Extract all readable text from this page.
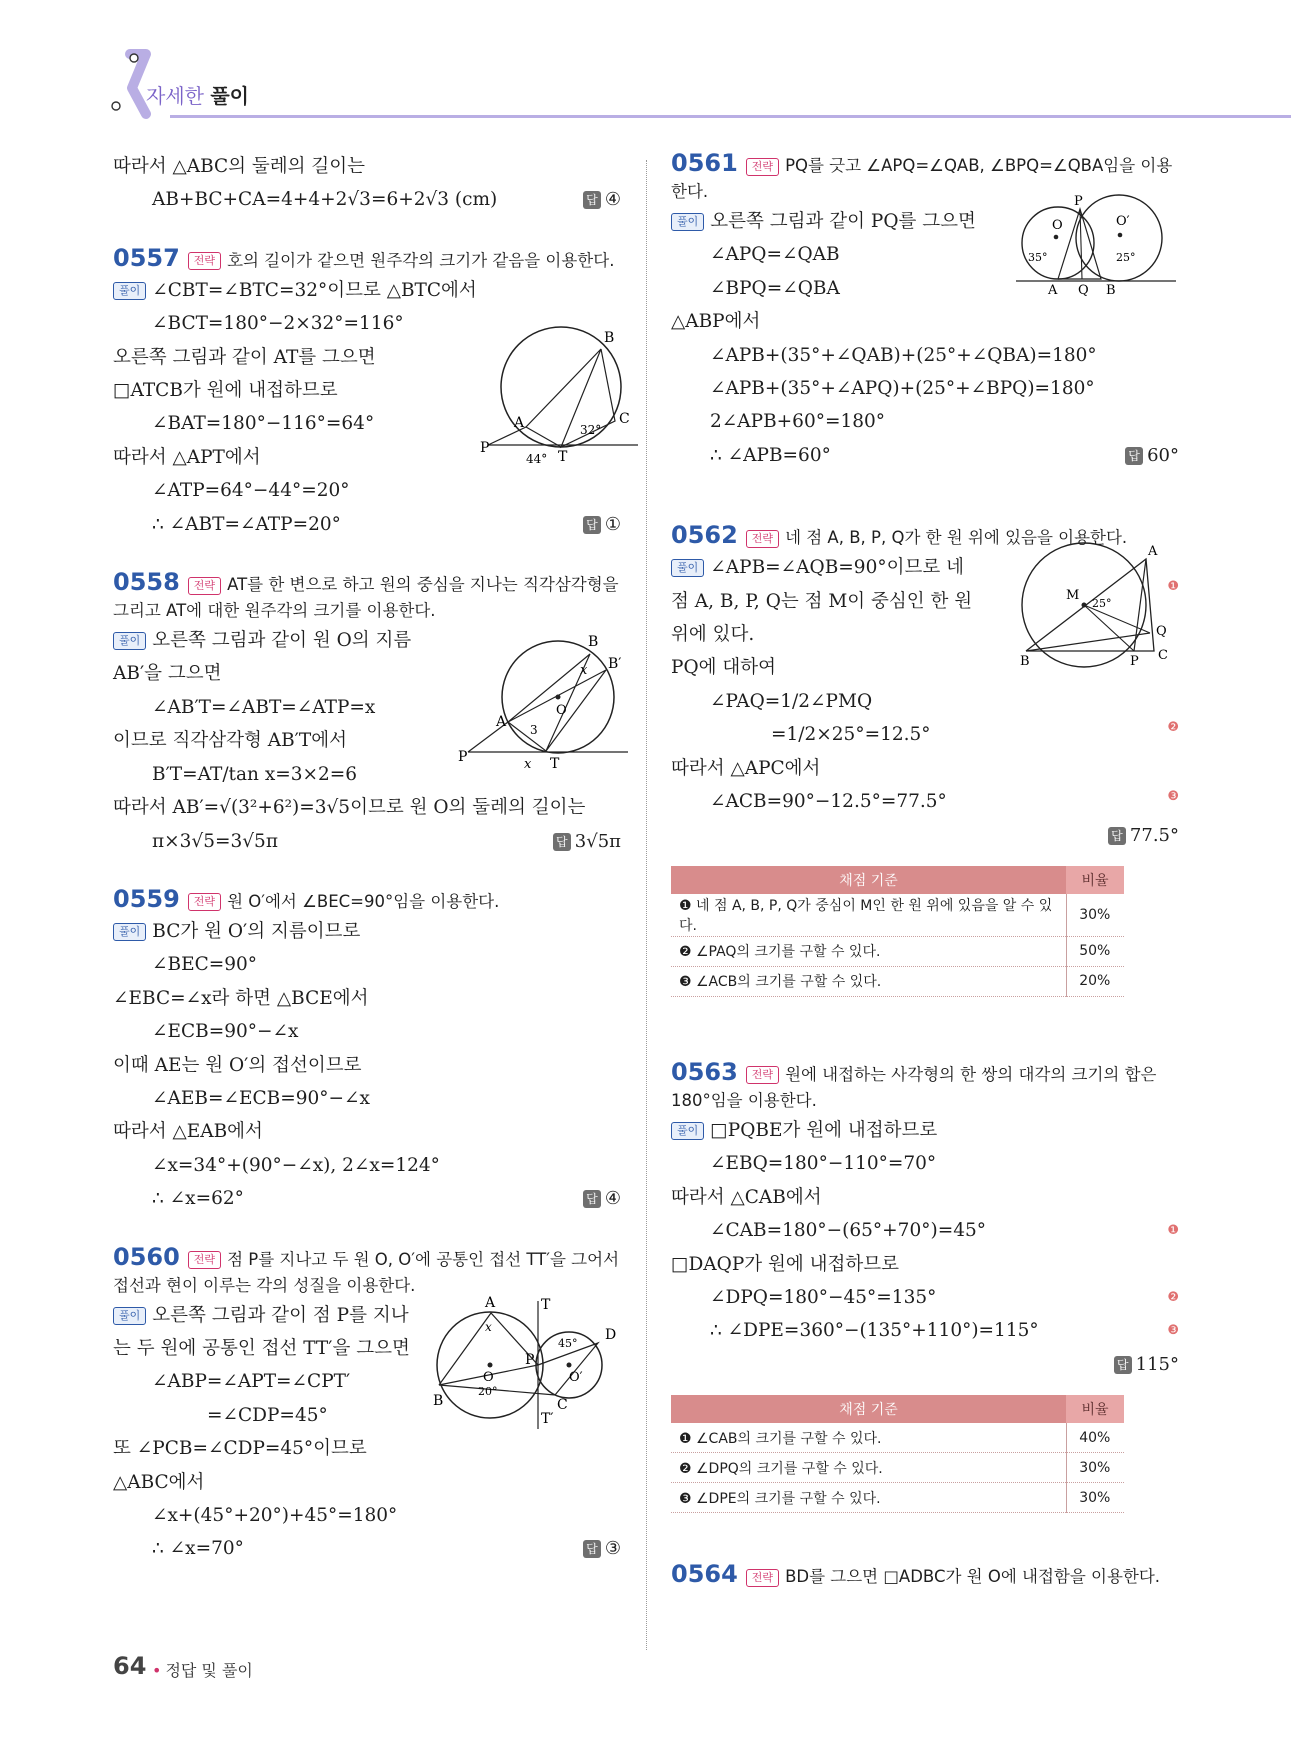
자세한 풀이

따라서 △ABC의 둘레의 길이는

AB+BC+CA=4+4+2√3=6+2√3 (cm)	답 ④

0557 전략 호의 길이가 같으면 원주각의 크기가 같음을 이용한다.

풀이 ∠CBT=∠BTC=32°이므로 △BTC에서

∠BCT=180°−2×32°=116°

오른쪽 그림과 같이 AT를 그으면

□ATCB가 원에 내접하므로

∠BAT=180°−116°=64°

따라서 △APT에서

∠ATP=64°−44°=20°

∴ ∠ABT=∠ATP=20°	답 ①

B
A	C
P
T
32°
44°

0558 전략 AT를 한 변으로 하고 원의 중심을 지나는 직각삼각형을 그리고 AT에 대한 원주각의 크기를 이용한다.

풀이 오른쪽 그림과 같이 원 O의 지름

AB′을 그으면

∠AB′T=∠ABT=∠ATP=x

이므로 직각삼각형 AB′T에서

B′T=AT/tan x=3×2=6

따라서 AB′=√(3²+6²)=3√5이므로 원 O의 둘레의 길이는

π×3√5=3√5π	답 3√5π

B
B′
O
A 3
P	T
x
x

0559 전략 원 O′에서 ∠BEC=90°임을 이용한다.

풀이 BC가 원 O′의 지름이므로

∠BEC=90°

∠EBC=∠x라 하면 △BCE에서

∠ECB=90°−∠x

이때 AE는 원 O′의 접선이므로

∠AEB=∠ECB=90°−∠x

따라서 △EAB에서

∠x=34°+(90°−∠x), 2∠x=124°

∴ ∠x=62°	답 ④

0560 전략 점 P를 지나고 두 원 O, O′에 공통인 접선 TT′을 그어서 접선과 현이 이루는 각의 성질을 이용한다.

풀이 오른쪽 그림과 같이 점 P를 지나

는 두 원에 공통인 접선 TT′을 그으면

∠ABP=∠APT=∠CPT′

=∠CDP=45°

또 ∠PCB=∠CDP=45°이므로

△ABC에서

∠x+(45°+20°)+45°=180°

∴ ∠x=70°	답 ③

A	T
D
45°
x
O
P
O′
20°
B	C
T′

0561 전략 PQ를 긋고 ∠APQ=∠QAB, ∠BPQ=∠QBA임을 이용한다.

풀이 오른쪽 그림과 같이 PQ를 그으면

∠APQ=∠QAB

∠BPQ=∠QBA

△ABP에서

∠APB+(35°+∠QAB)+(25°+∠QBA)=180°

∠APB+(35°+∠APQ)+(25°+∠BPQ)=180°

2∠APB+60°=180°

∴ ∠APB=60°	답 60°

P
O	O′
35°	25°
A Q B

0562 전략 네 점 A, B, P, Q가 한 원 위에 있음을 이용한다.

풀이 ∠APB=∠AQB=90°이므로 네

점 A, B, P, Q는 점 M이 중심인 한 원

위에 있다.

PQ에 대하여

∠PAQ=1/2∠PMQ

=1/2×25°=12.5°

따라서 △APC에서

∠ACB=90°−12.5°=77.5°

A
M
25°
Q
B	P C
❶
❷
❸

답 77.5°

채점 기준	비율
❶ 네 점 A, B, P, Q가 중심이 M인 한 원 위에 있음을 알 수 있다.	30%
❷ ∠PAQ의 크기를 구할 수 있다.	50%
❸ ∠ACB의 크기를 구할 수 있다.	20%

0563 전략 원에 내접하는 사각형의 한 쌍의 대각의 크기의 합은 180°임을 이용한다.

풀이 □PQBE가 원에 내접하므로

∠EBQ=180°−110°=70°

따라서 △CAB에서

∠CAB=180°−(65°+70°)=45°	❶

□DAQP가 원에 내접하므로

∠DPQ=180°−45°=135°	❷

∴ ∠DPE=360°−(135°+110°)=115°	❸

답 115°

채점 기준	비율
❶ ∠CAB의 크기를 구할 수 있다.	40%
❷ ∠DPQ의 크기를 구할 수 있다.	30%
❸ ∠DPE의 크기를 구할 수 있다.	30%

0564 전략 BD를 그으면 □ADBC가 원 O에 내접함을 이용한다.

64 • 정답 및 풀이
